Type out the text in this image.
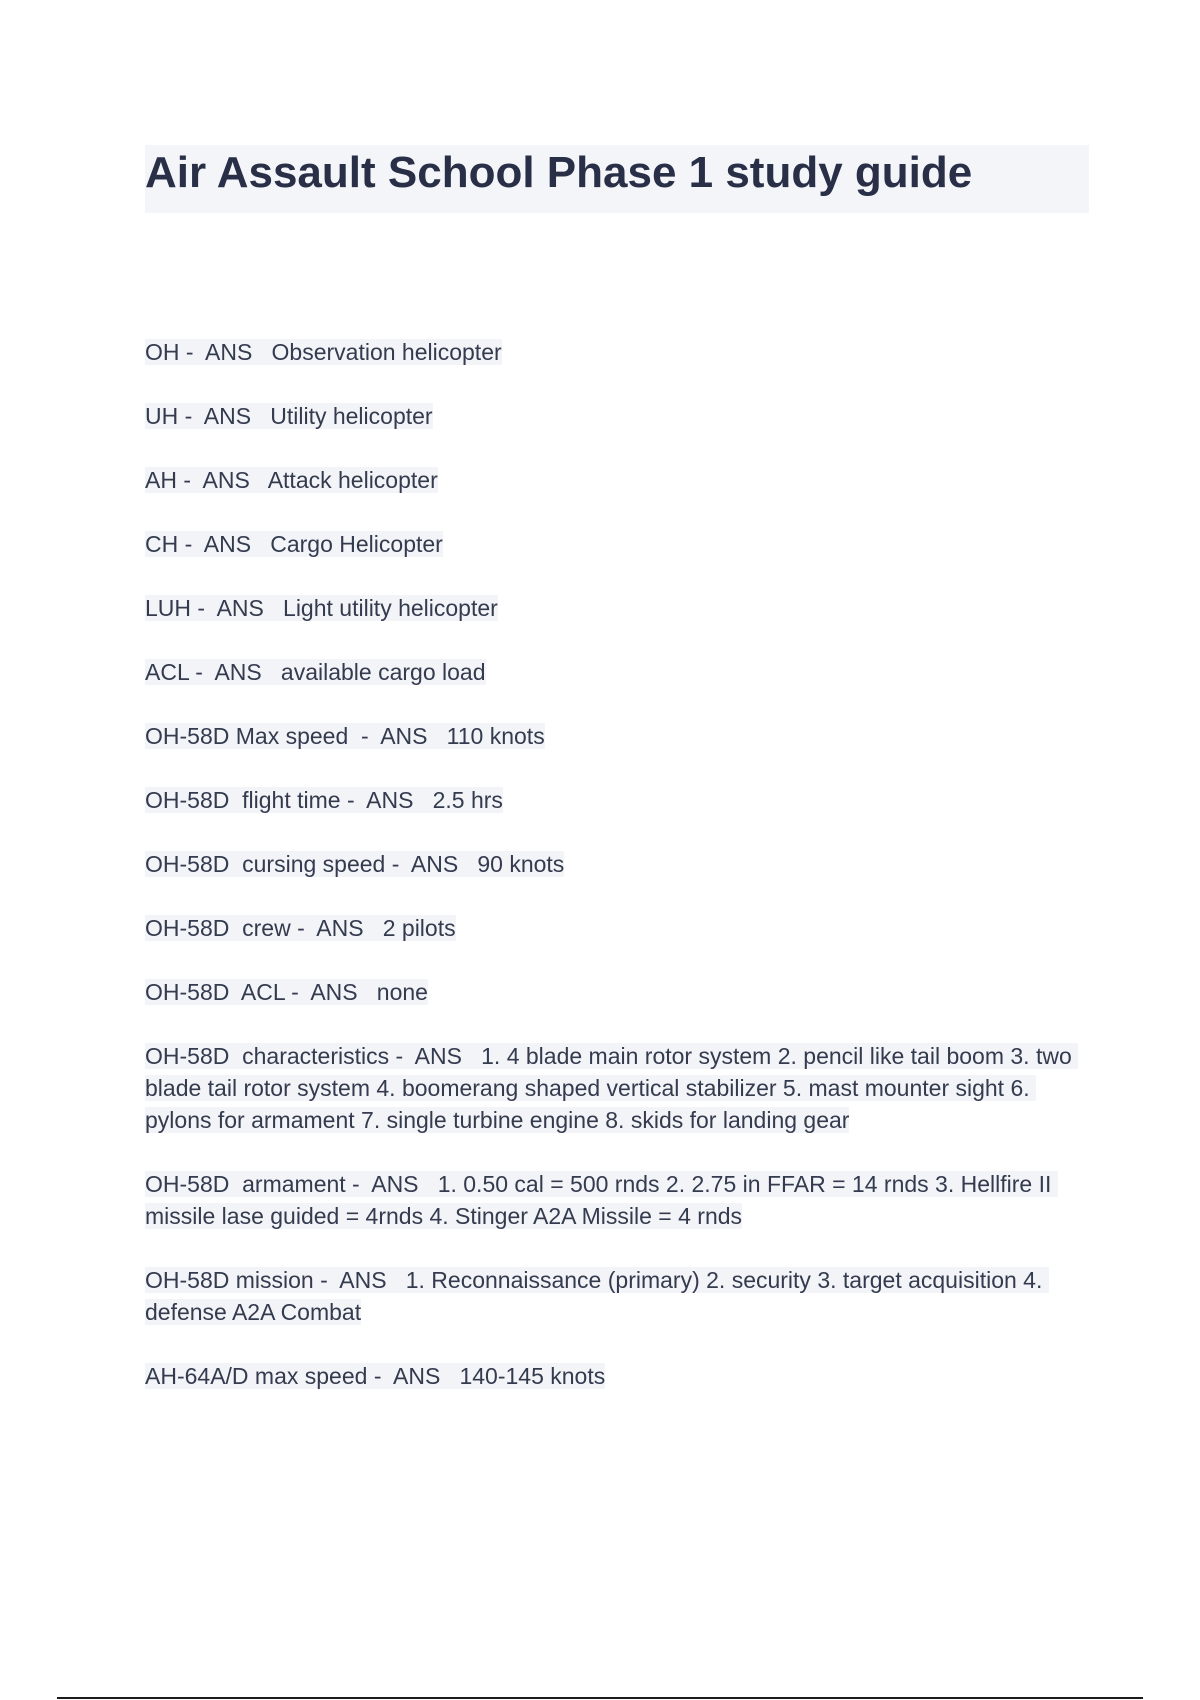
Air Assault School Phase 1 study guide
OH -  ANS   Observation helicopter
UH -  ANS   Utility helicopter
AH -  ANS   Attack helicopter
CH -  ANS   Cargo Helicopter
LUH -  ANS   Light utility helicopter
ACL -  ANS   available cargo load
OH-58D Max speed  -  ANS   110 knots
OH-58D  flight time -  ANS   2.5 hrs
OH-58D  cursing speed -  ANS   90 knots
OH-58D  crew -  ANS   2 pilots
OH-58D  ACL -  ANS   none
OH-58D  characteristics -  ANS   1. 4 blade main rotor system 2. pencil like tail boom 3. two blade tail rotor system 4. boomerang shaped vertical stabilizer 5. mast mounter sight 6. pylons for armament 7. single turbine engine 8. skids for landing gear
OH-58D  armament -  ANS   1. 0.50 cal = 500 rnds 2. 2.75 in FFAR = 14 rnds 3. Hellfire II missile lase guided = 4rnds 4. Stinger A2A Missile = 4 rnds
OH-58D mission -  ANS   1. Reconnaissance (primary) 2. security 3. target acquisition 4. defense A2A Combat
AH-64A/D max speed -  ANS   140-145 knots
